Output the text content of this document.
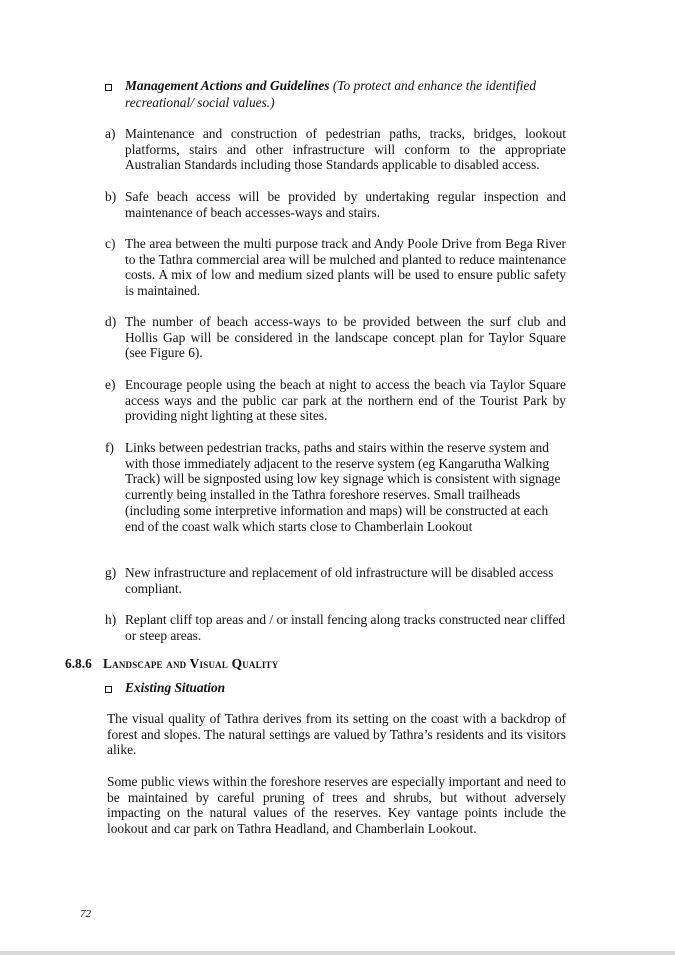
Management Actions and Guidelines (To protect and enhance the identified recreational/ social values.)
a) Maintenance and construction of pedestrian paths, tracks, bridges, lookout platforms, stairs and other infrastructure will conform to the appropriate Australian Standards including those Standards applicable to disabled access.
b) Safe beach access will be provided by undertaking regular inspection and maintenance of beach accesses-ways and stairs.
c) The area between the multi purpose track and Andy Poole Drive from Bega River to the Tathra commercial area will be mulched and planted to reduce maintenance costs. A mix of low and medium sized plants will be used to ensure public safety is maintained.
d) The number of beach access-ways to be provided between the surf club and Hollis Gap will be considered in the landscape concept plan for Taylor Square (see Figure 6).
e) Encourage people using the beach at night to access the beach via Taylor Square access ways and the public car park at the northern end of the Tourist Park by providing night lighting at these sites.
f) Links between pedestrian tracks, paths and stairs within the reserve system and with those immediately adjacent to the reserve system (eg Kangarutha Walking Track) will be signposted using low key signage which is consistent with signage currently being installed in the Tathra foreshore reserves. Small trailheads (including some interpretive information and maps) will be constructed at each end of the coast walk which starts close to Chamberlain Lookout
g) New infrastructure and replacement of old infrastructure will be disabled access compliant.
h) Replant cliff top areas and / or install fencing along tracks constructed near cliffed or steep areas.
6.8.6 Landscape and Visual Quality
Existing Situation
The visual quality of Tathra derives from its setting on the coast with a backdrop of forest and slopes. The natural settings are valued by Tathra’s residents and its visitors alike.
Some public views within the foreshore reserves are especially important and need to be maintained by careful pruning of trees and shrubs, but without adversely impacting on the natural values of the reserves. Key vantage points include the lookout and car park on Tathra Headland, and Chamberlain Lookout.
72
